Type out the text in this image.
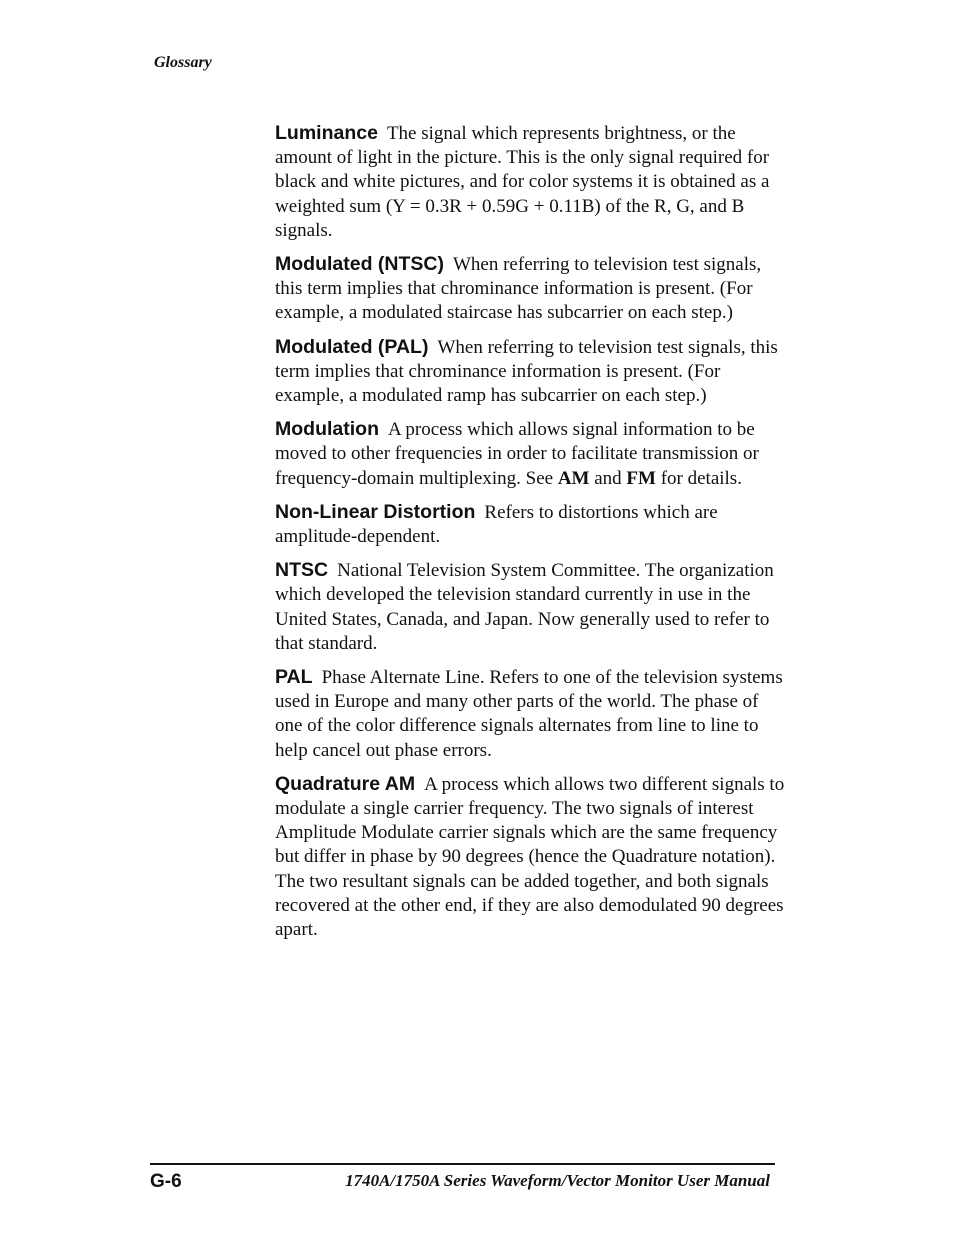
Glossary

Luminance The signal which represents brightness, or the amount of light in the picture. This is the only signal required for black and white pictures, and for color systems it is obtained as a weighted sum (Y = 0.3R + 0.59G + 0.11B) of the R, G, and B signals.

Modulated (NTSC) When referring to television test signals, this term implies that chrominance information is present. (For example, a modulated staircase has subcarrier on each step.)

Modulated (PAL) When referring to television test signals, this term implies that chrominance information is present. (For example, a modulated ramp has subcarrier on each step.)

Modulation A process which allows signal information to be moved to other frequencies in order to facilitate transmission or frequency-domain multiplexing. See AM and FM for details.

Non-Linear Distortion Refers to distortions which are amplitude-dependent.

NTSC National Television System Committee. The organization which developed the television standard currently in use in the United States, Canada, and Japan. Now generally used to refer to that standard.

PAL Phase Alternate Line. Refers to one of the television systems used in Europe and many other parts of the world. The phase of one of the color difference signals alternates from line to line to help cancel out phase errors.

Quadrature AM A process which allows two different signals to modulate a single carrier frequency. The two signals of interest Amplitude Modulate carrier signals which are the same frequency but differ in phase by 90 degrees (hence the Quadrature notation). The two resultant signals can be added together, and both signals recovered at the other end, if they are also demodulated 90 degrees apart.

G-6	1740A/1750A Series Waveform/Vector Monitor User Manual
